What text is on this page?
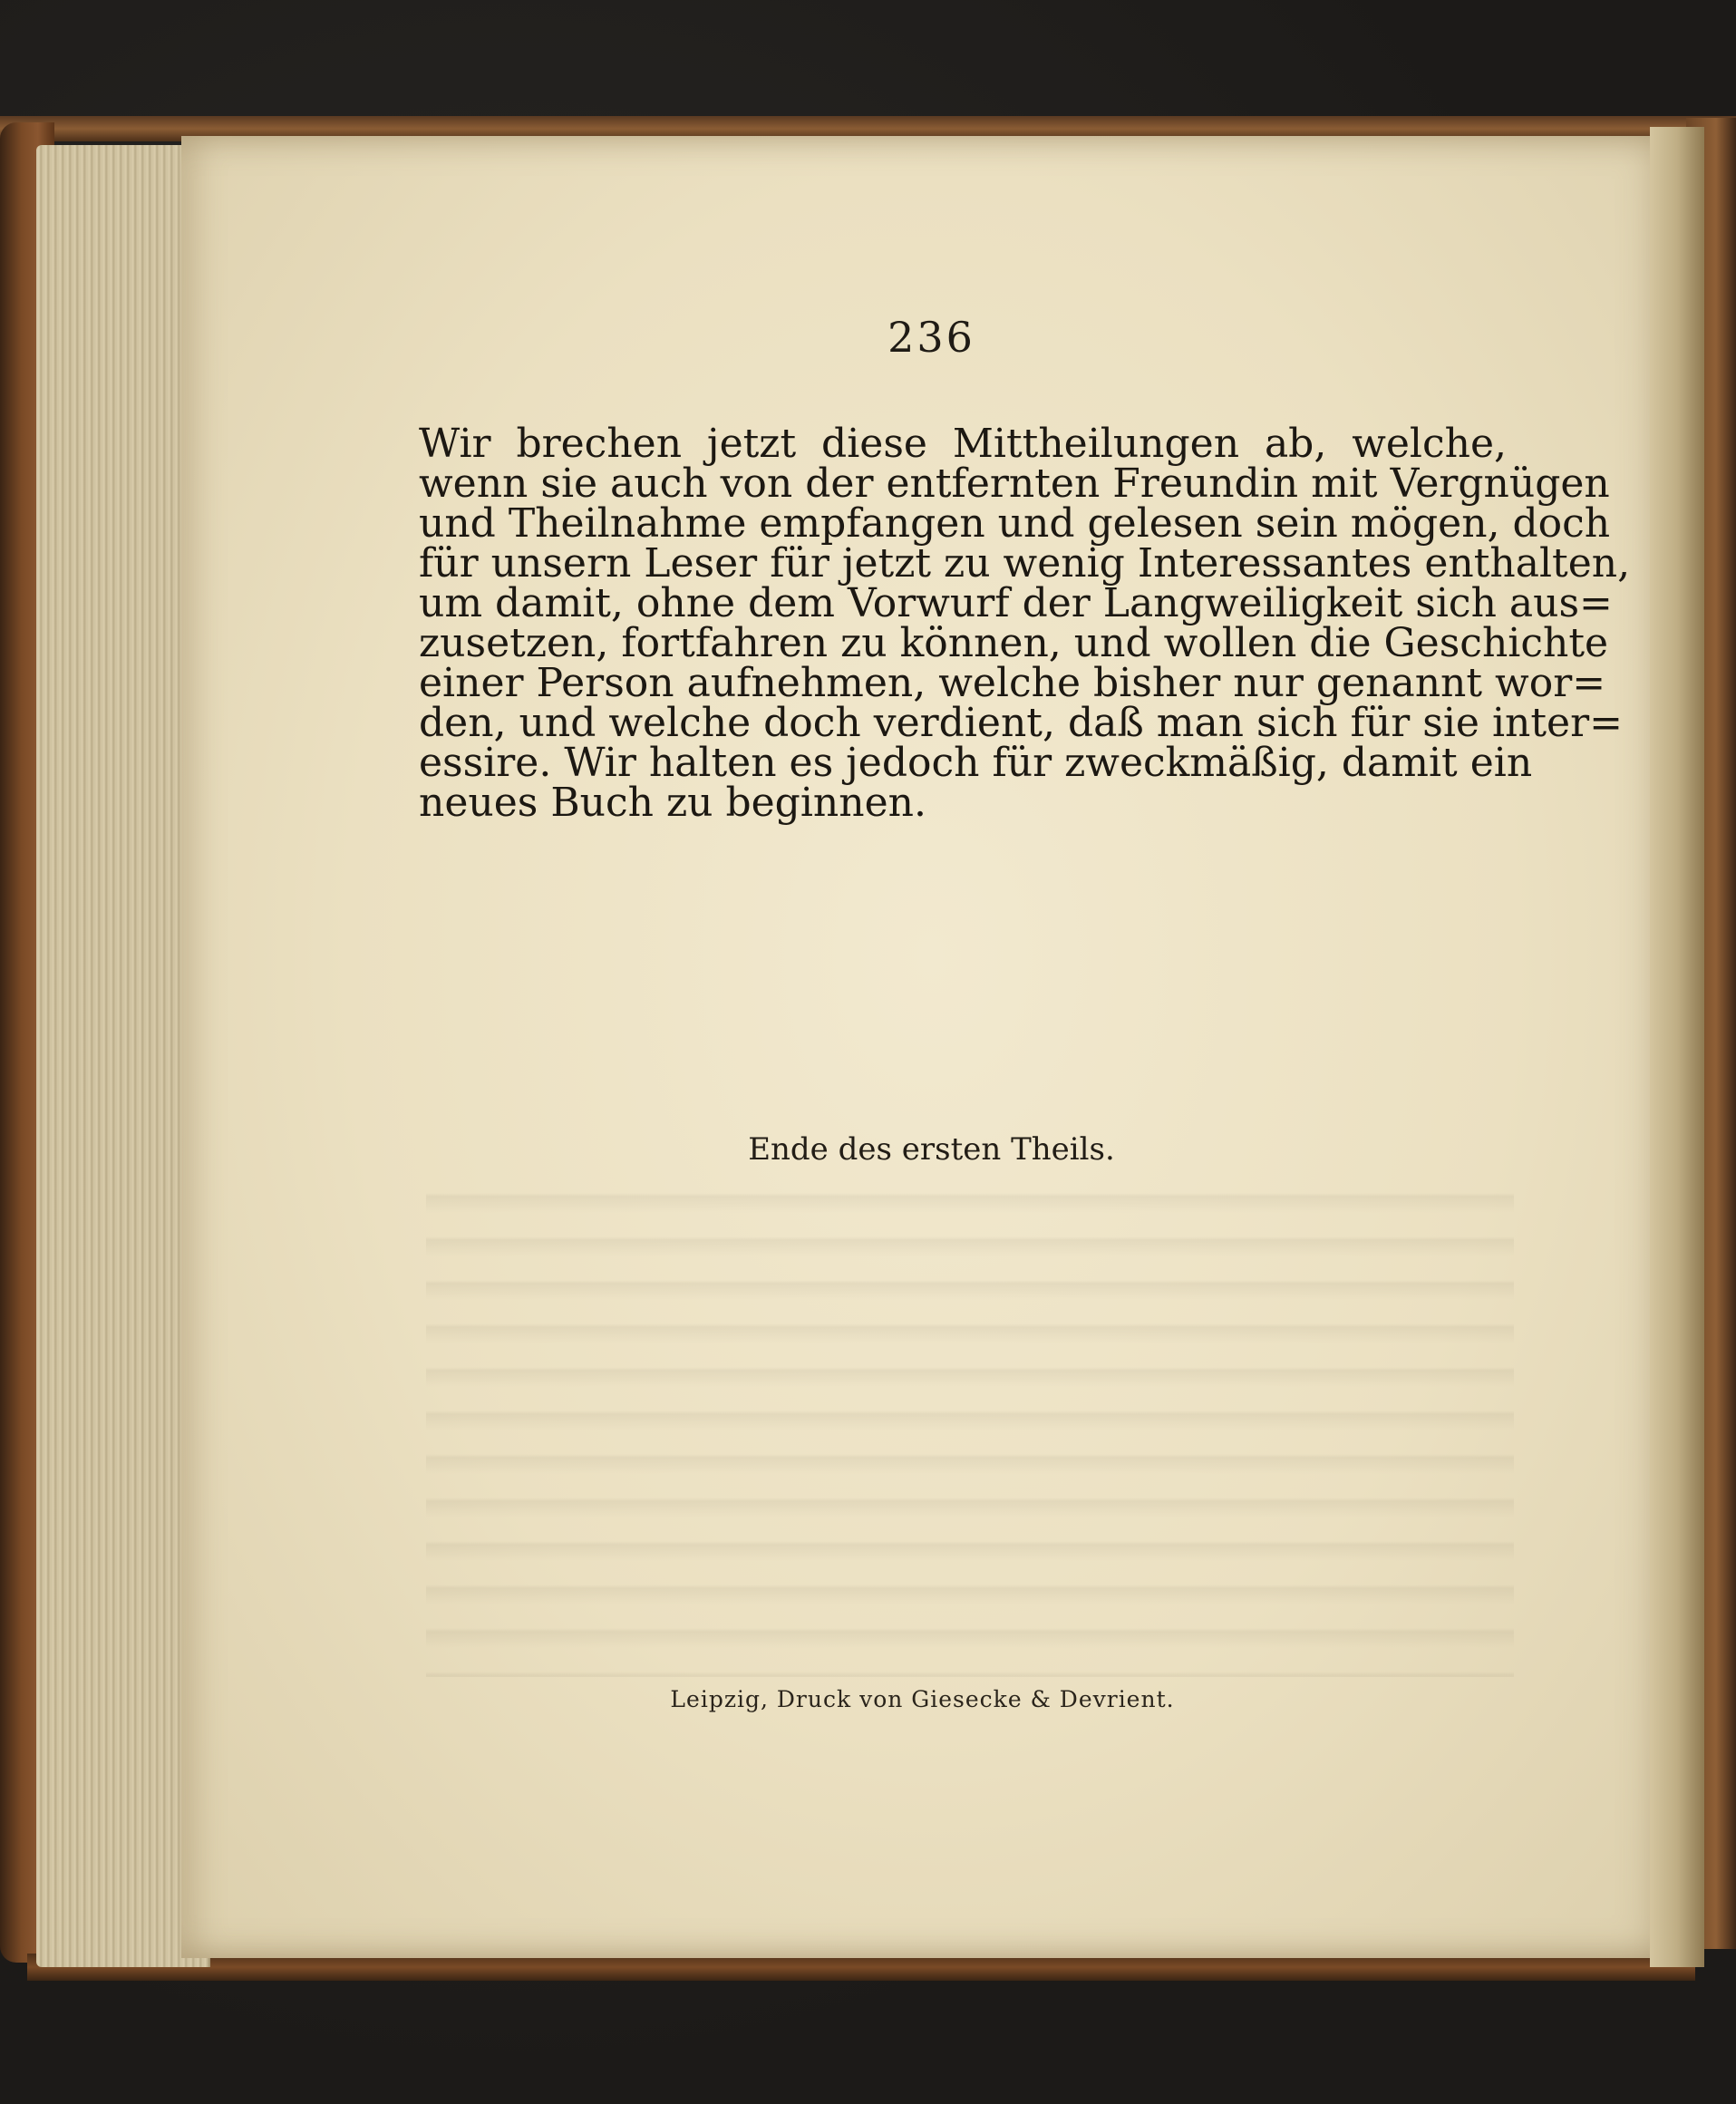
236
Wir brechen jetzt diese Mittheilungen ab, welche,
wenn sie auch von der entfernten Freundin mit Vergnügen
und Theilnahme empfangen und gelesen sein mögen, doch
für unsern Leser für jetzt zu wenig Interessantes enthalten,
um damit, ohne dem Vorwurf der Langweiligkeit sich aus=
zusetzen, fortfahren zu können, und wollen die Geschichte
einer Person aufnehmen, welche bisher nur genannt wor=
den, und welche doch verdient, daß man sich für sie inter=
essire. Wir halten es jedoch für zweckmäßig, damit ein
neues Buch zu beginnen.
Ende des ersten Theils.
Leipzig, Druck von Giesecke & Devrient.
